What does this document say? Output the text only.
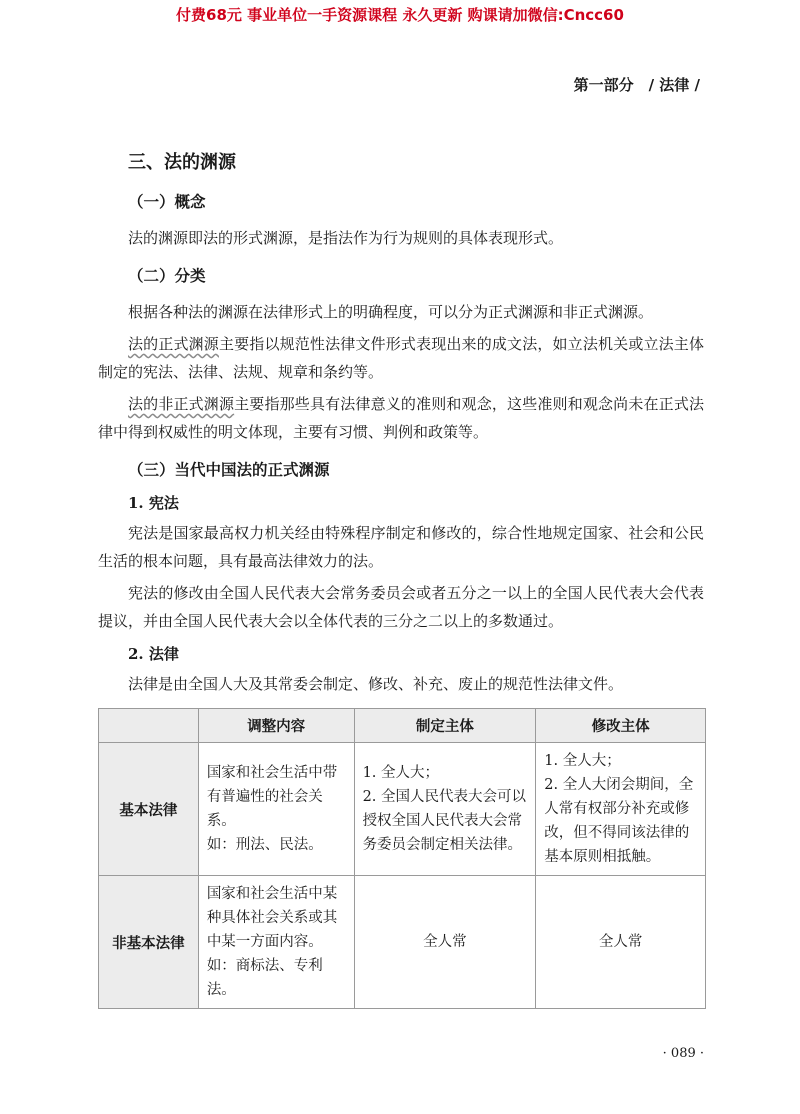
付费68元 事业单位一手资源课程 永久更新 购课请加微信:Cncc60
第一部分　/ 法律 /
三、法的渊源
（一）概念

法的渊源即法的形式渊源，是指法作为行为规则的具体表现形式。

（二）分类

根据各种法的渊源在法律形式上的明确程度，可以分为正式渊源和非正式渊源。

法的正式渊源主要指以规范性法律文件形式表现出来的成文法，如立法机关或立法主体制定的宪法、法律、法规、规章和条约等。

法的非正式渊源主要指那些具有法律意义的准则和观念，这些准则和观念尚未在正式法律中得到权威性的明文体现，主要有习惯、判例和政策等。

（三）当代中国法的正式渊源
1. 宪法

宪法是国家最高权力机关经由特殊程序制定和修改的，综合性地规定国家、社会和公民生活的根本问题，具有最高法律效力的法。

宪法的修改由全国人民代表大会常务委员会或者五分之一以上的全国人民代表大会代表提议，并由全国人民代表大会以全体代表的三分之二以上的多数通过。

2. 法律

法律是由全国人大及其常委会制定、修改、补充、废止的规范性法律文件。

	调整内容	制定主体	修改主体
基本法律	国家和社会生活中带有普遍性的社会关系。
如：刑法、民法。	1. 全人大；
2. 全国人民代表大会可以授权全国人民代表大会常务委员会制定相关法律。	1. 全人大；
2. 全人大闭会期间，全人常有权部分补充或修改，但不得同该法律的基本原则相抵触。

非基本法律	国家和社会生活中某种具体社会关系或其中某一方面内容。
如：商标法、专利法。	全人常	全人常
· 089 ·
